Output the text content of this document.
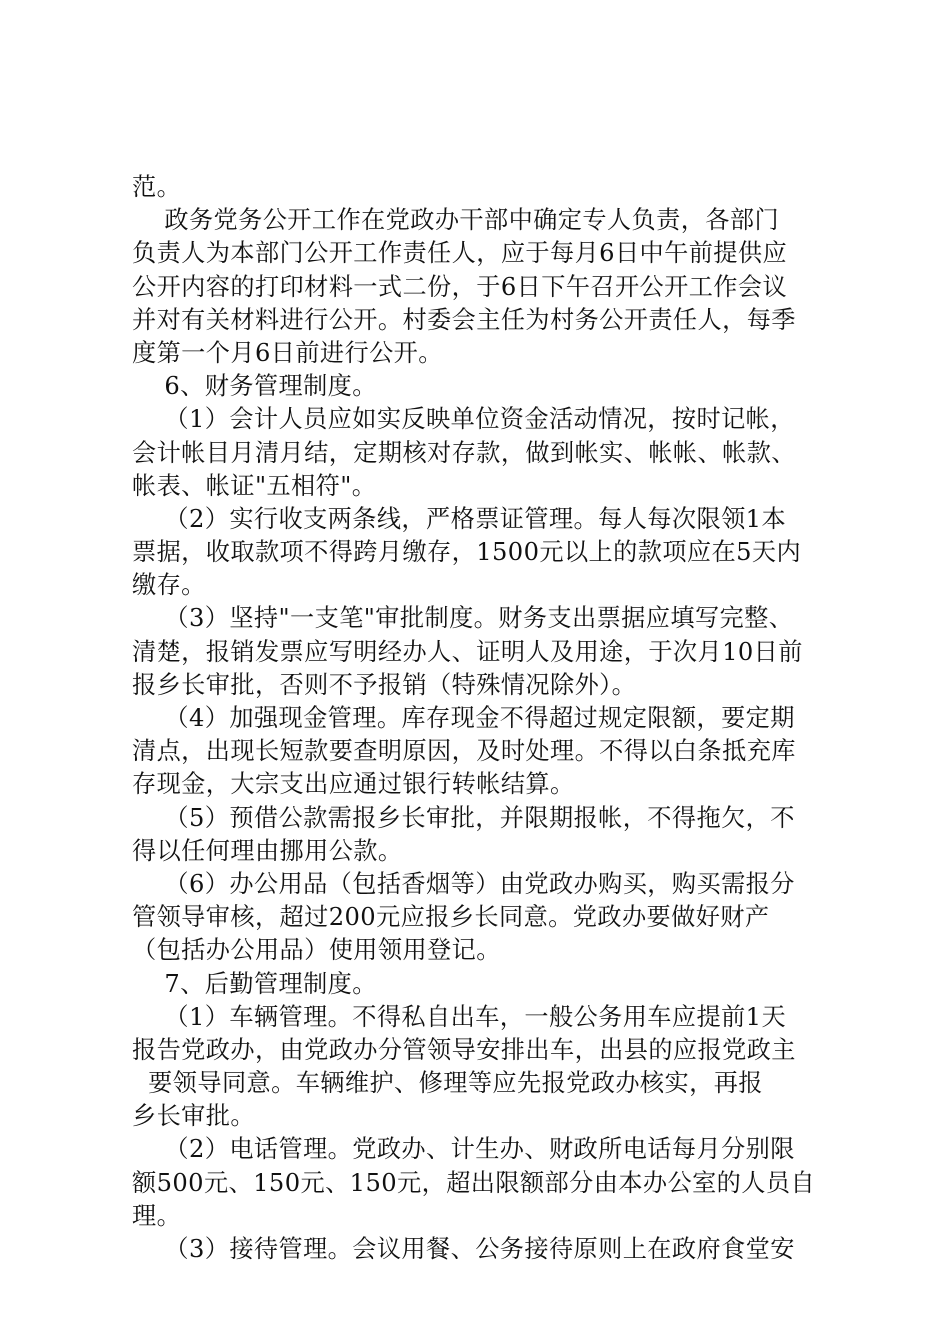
范。
政务党务公开工作在党政办干部中确定专人负责，各部门
负责人为本部门公开工作责任人，应于每月6日中午前提供应
公开内容的打印材料一式二份，于6日下午召开公开工作会议
并对有关材料进行公开。村委会主任为村务公开责任人，每季
度第一个月6日前进行公开。
6、财务管理制度。
（1）会计人员应如实反映单位资金活动情况，按时记帐，
会计帐目月清月结，定期核对存款，做到帐实、帐帐、帐款、
帐表、帐证"五相符"。
（2）实行收支两条线，严格票证管理。每人每次限领1本
票据，收取款项不得跨月缴存，1500元以上的款项应在5天内
缴存。
（3）坚持"一支笔"审批制度。财务支出票据应填写完整、
清楚，报销发票应写明经办人、证明人及用途，于次月10日前
报乡长审批，否则不予报销（特殊情况除外）。
（4）加强现金管理。库存现金不得超过规定限额，要定期
清点，出现长短款要查明原因，及时处理。不得以白条抵充库
存现金，大宗支出应通过银行转帐结算。
（5）预借公款需报乡长审批，并限期报帐，不得拖欠，不
得以任何理由挪用公款。
（6）办公用品（包括香烟等）由党政办购买，购买需报分
管领导审核，超过200元应报乡长同意。党政办要做好财产
（包括办公用品）使用领用登记。
7、后勤管理制度。
（1）车辆管理。不得私自出车，一般公务用车应提前1天
报告党政办，由党政办分管领导安排出车，出县的应报党政主
要领导同意。车辆维护、修理等应先报党政办核实，再报
乡长审批。
（2）电话管理。党政办、计生办、财政所电话每月分别限
额500元、150元、150元，超出限额部分由本办公室的人员自
理。
（3）接待管理。会议用餐、公务接待原则上在政府食堂安
